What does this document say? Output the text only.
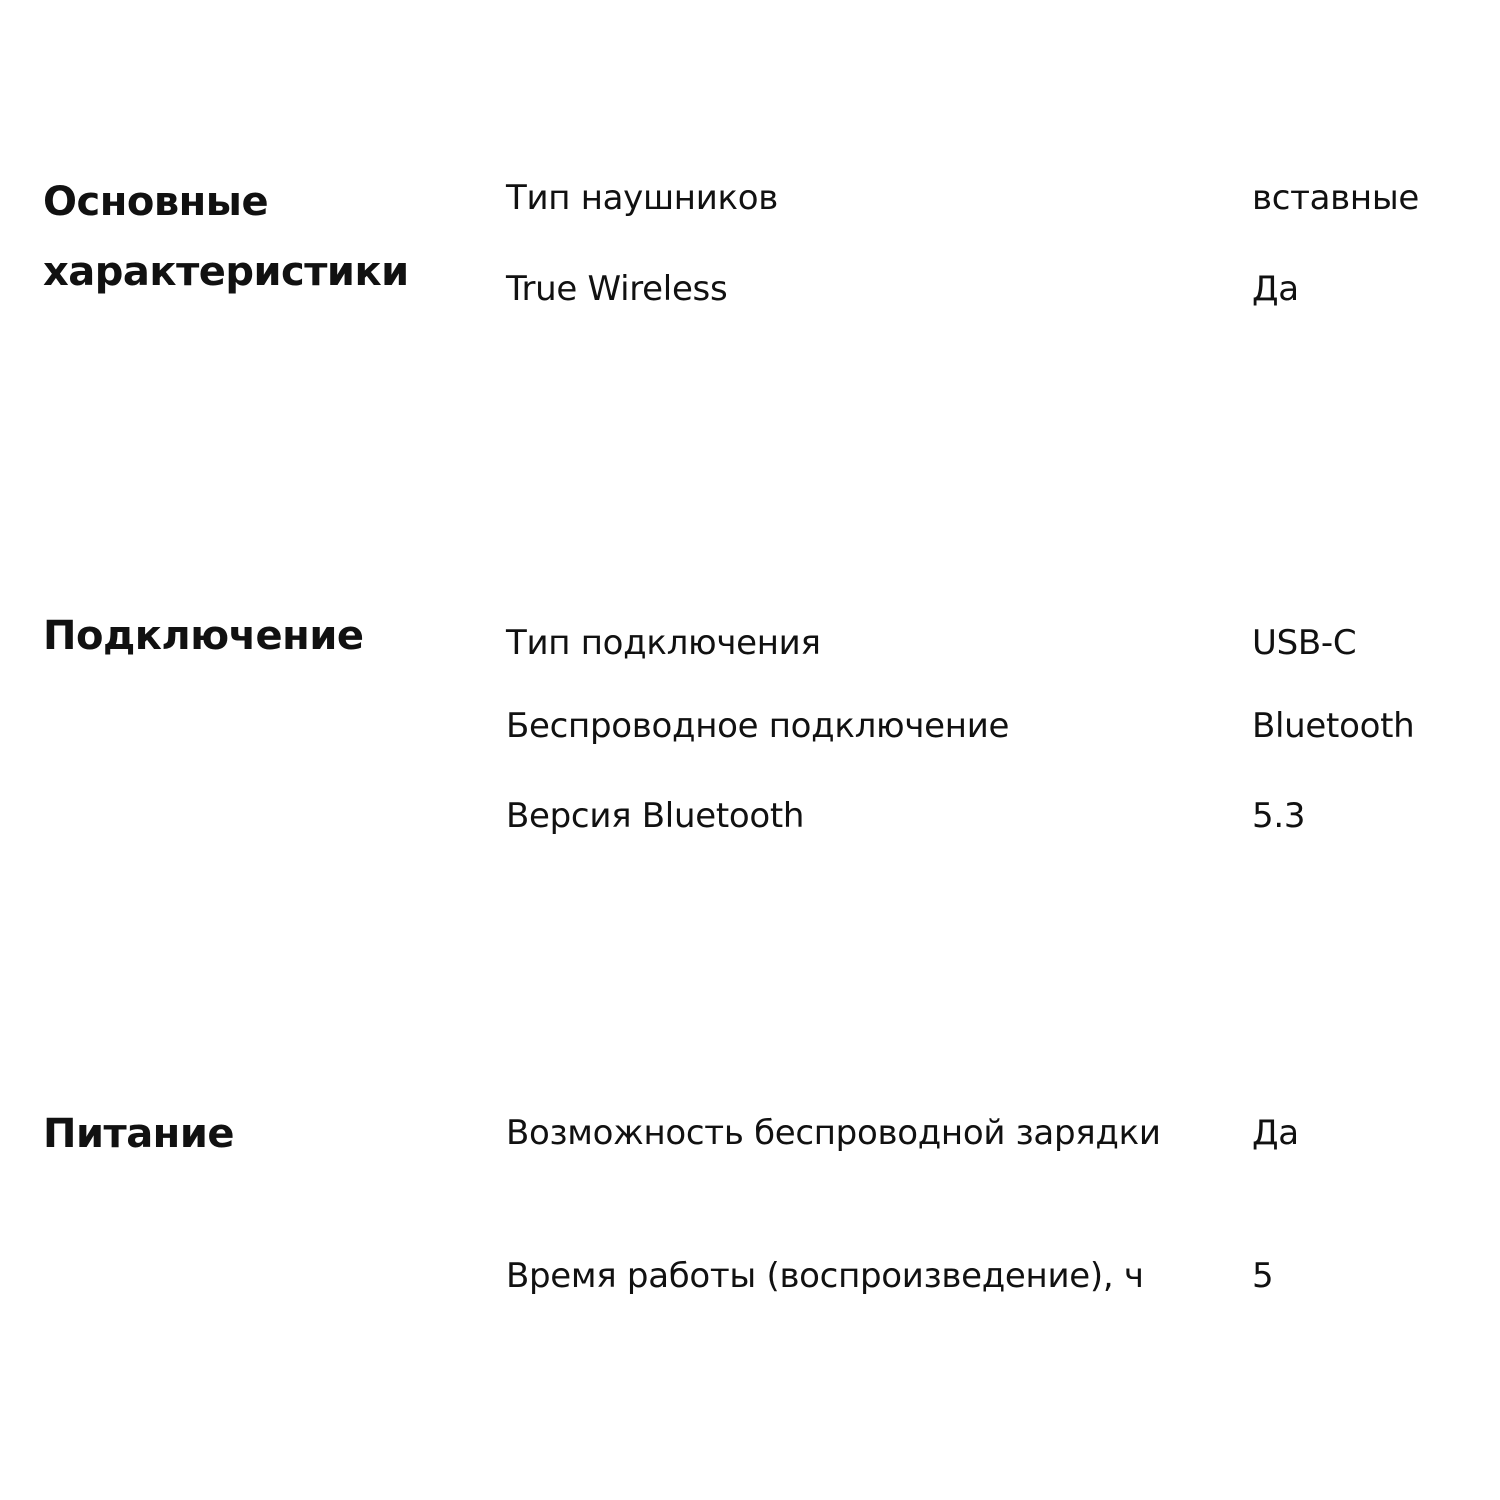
Основные характеристики
Тип наушников	вставные
True Wireless	Да
Подключение	Тип подключения	USB-C
Беспроводное подключение	Bluetooth
Версия Bluetooth	5.3
Питание	Возможность беспроводной зарядки	Да
Время работы (воспроизведение), ч	5
